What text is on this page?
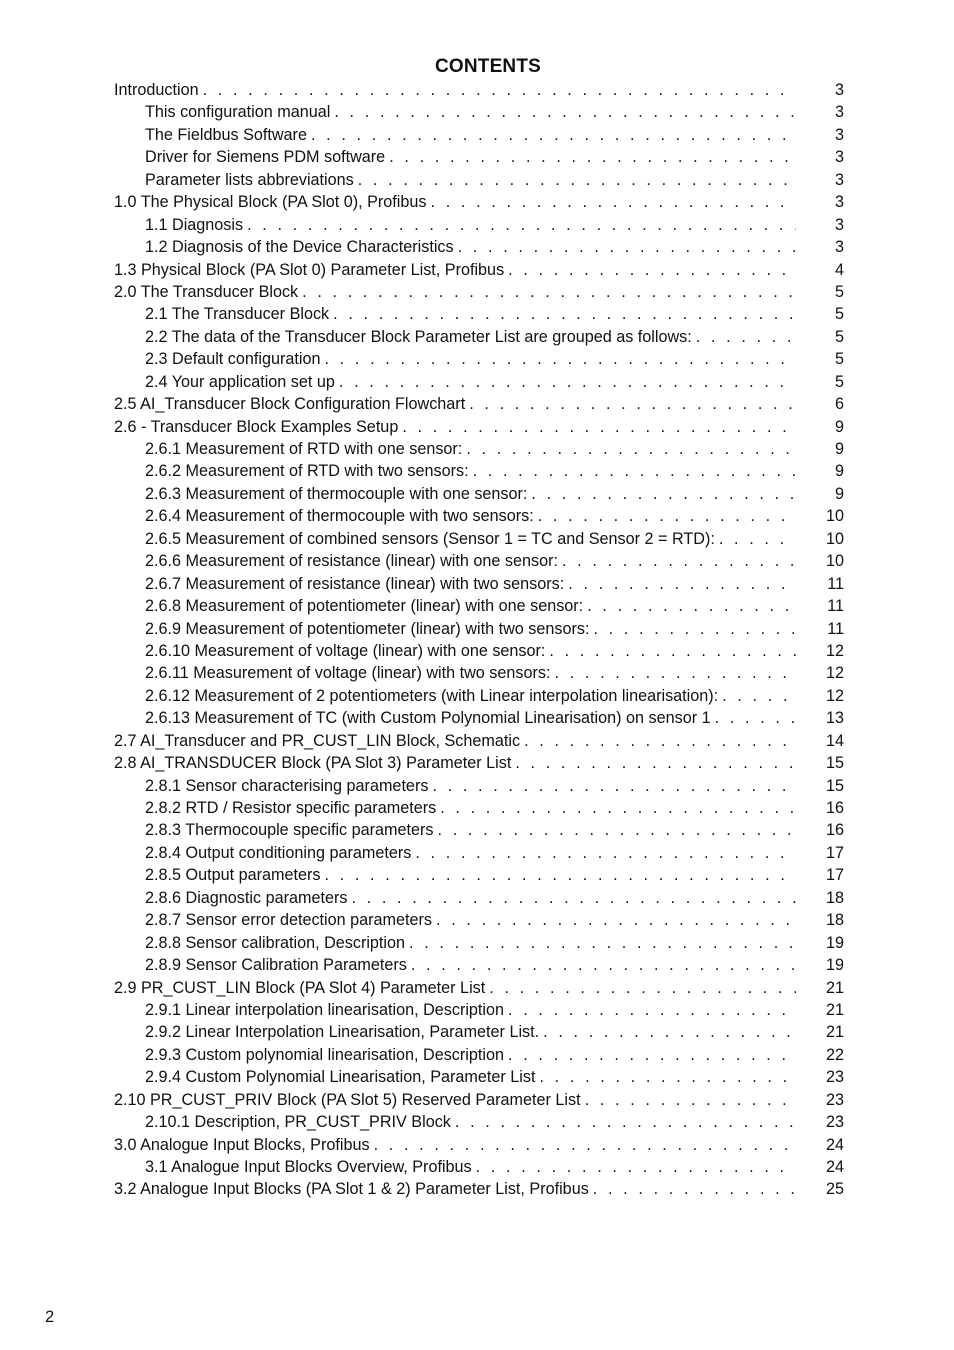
CONTENTS
Introduction . . .	3
This configuration manual . . .	3
The Fieldbus Software . . .	3
Driver for Siemens PDM software . . .	3
Parameter lists abbreviations . . .	3
1.0 The Physical Block (PA Slot 0), Profibus . . .	3
1.1 Diagnosis . . .	3
1.2 Diagnosis of the Device Characteristics . . .	3
1.3 Physical Block (PA Slot 0) Parameter List, Profibus . . .	4
2.0 The Transducer Block . . .	5
2.1 The Transducer Block . . .	5
2.2 The data of the Transducer Block Parameter List are grouped as follows: . . .	5
2.3 Default configuration . . .	5
2.4 Your application set up . . .	5
2.5 AI_Transducer Block Configuration Flowchart . . .	6
2.6 - Transducer Block Examples Setup . . .	9
2.6.1 Measurement of RTD with one sensor: . . .	9
2.6.2 Measurement of RTD with two sensors: . . .	9
2.6.3 Measurement of thermocouple with one sensor: . . .	9
2.6.4 Measurement of thermocouple with two sensors: . . .	10
2.6.5 Measurement of combined sensors (Sensor 1 = TC and Sensor 2 = RTD): . . .	10
2.6.6 Measurement of resistance (linear) with one sensor: . . .	10
2.6.7 Measurement of resistance (linear) with two sensors: . . .	11
2.6.8 Measurement of potentiometer (linear) with one sensor: . . .	11
2.6.9 Measurement of potentiometer (linear) with two sensors: . . .	11
2.6.10 Measurement of voltage (linear) with one sensor: . . .	12
2.6.11 Measurement of voltage (linear) with two sensors: . . .	12
2.6.12 Measurement of 2 potentiometers (with Linear interpolation linearisation): . . .	12
2.6.13 Measurement of TC (with Custom Polynomial Linearisation) on sensor 1 . . .	13
2.7 AI_Transducer and PR_CUST_LIN Block, Schematic . . .	14
2.8 AI_TRANSDUCER Block (PA Slot 3) Parameter List . . .	15
2.8.1 Sensor characterising parameters . . .	15
2.8.2 RTD / Resistor specific parameters . . .	16
2.8.3 Thermocouple specific parameters . . .	16
2.8.4 Output conditioning parameters . . .	17
2.8.5 Output parameters . . .	17
2.8.6 Diagnostic parameters . . .	18
2.8.7 Sensor error detection parameters . . .	18
2.8.8 Sensor calibration, Description . . .	19
2.8.9 Sensor Calibration Parameters . . .	19
2.9 PR_CUST_LIN Block (PA Slot 4) Parameter List . . .	21
2.9.1 Linear interpolation linearisation, Description . . .	21
2.9.2 Linear Interpolation Linearisation, Parameter List. . . .	21
2.9.3 Custom polynomial linearisation, Description . . .	22
2.9.4 Custom Polynomial Linearisation, Parameter List . . .	23
2.10 PR_CUST_PRIV Block (PA Slot 5) Reserved Parameter List . . .	23
2.10.1 Description, PR_CUST_PRIV Block . . .	23
3.0 Analogue Input Blocks, Profibus . . .	24
3.1 Analogue Input Blocks Overview, Profibus . . .	24
3.2 Analogue Input Blocks (PA Slot 1 & 2) Parameter List, Profibus . . .	25
2
